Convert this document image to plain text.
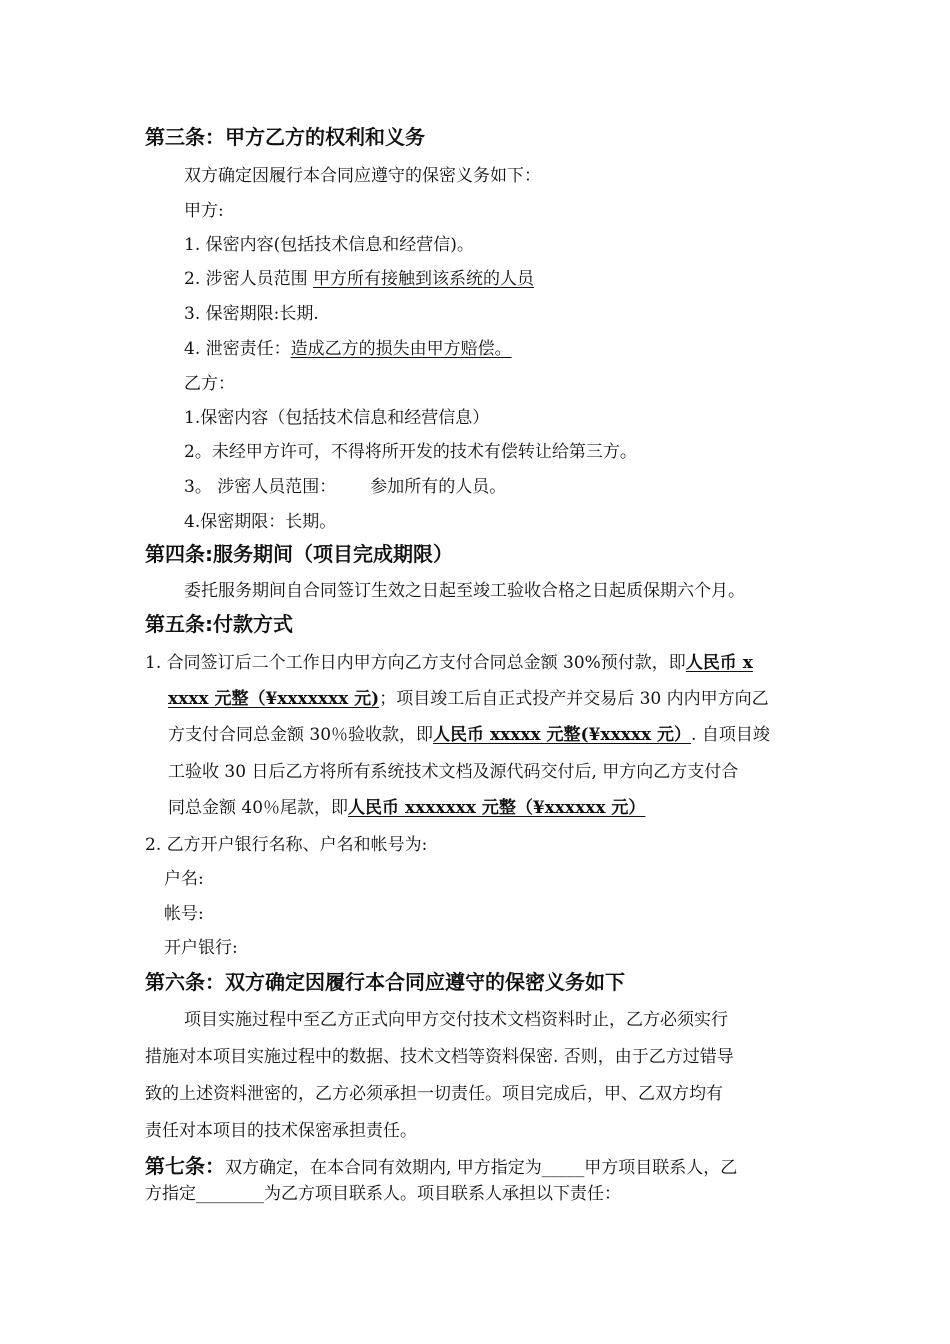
第三条：甲方乙方的权利和义务
双方确定因履行本合同应遵守的保密义务如下：
甲方:
1. 保密内容(包括技术信息和经营信)。
2. 涉密人员范围 甲方所有接触到该系统的人员
3. 保密期限:长期.
4. 泄密责任：造成乙方的损失由甲方赔偿。
乙方：
1.保密内容（包括技术信息和经营信息）
2。未经甲方许可，不得将所开发的技术有偿转让给第三方。
3。 涉密人员范围： 参加所有的人员。
4.保密期限：长期。
第四条:服务期间（项目完成期限）
委托服务期间自合同签订生效之日起至竣工验收合格之日起质保期六个月。
第五条:付款方式
1. 合同签订后二个工作日内甲方向乙方支付合同总金额 30%预付款，即人民币 x
xxxx 元整（¥xxxxxxx 元)；项目竣工后自正式投产并交易后 30 内内甲方向乙
方支付合同总金额 30％验收款，即人民币 xxxxx 元整(¥xxxxx 元）. 自项目竣
工验收 30 日后乙方将所有系统技术文档及源代码交付后, 甲方向乙方支付合
同总金额 40％尾款，即人民币 xxxxxxx 元整（¥xxxxxx 元）
2. 乙方开户银行名称、户名和帐号为:
户名:
帐号:
开户银行:
第六条：双方确定因履行本合同应遵守的保密义务如下
项目实施过程中至乙方正式向甲方交付技术文档资料时止，乙方必须实行
措施对本项目实施过程中的数据、技术文档等资料保密. 否则，由于乙方过错导
致的上述资料泄密的，乙方必须承担一切责任。项目完成后，甲、乙双方均有
责任对本项目的技术保密承担责任。
第七条：双方确定，在本合同有效期内, 甲方指定为_____甲方项目联系人，乙
方指定________为乙方项目联系人。项目联系人承担以下责任：
